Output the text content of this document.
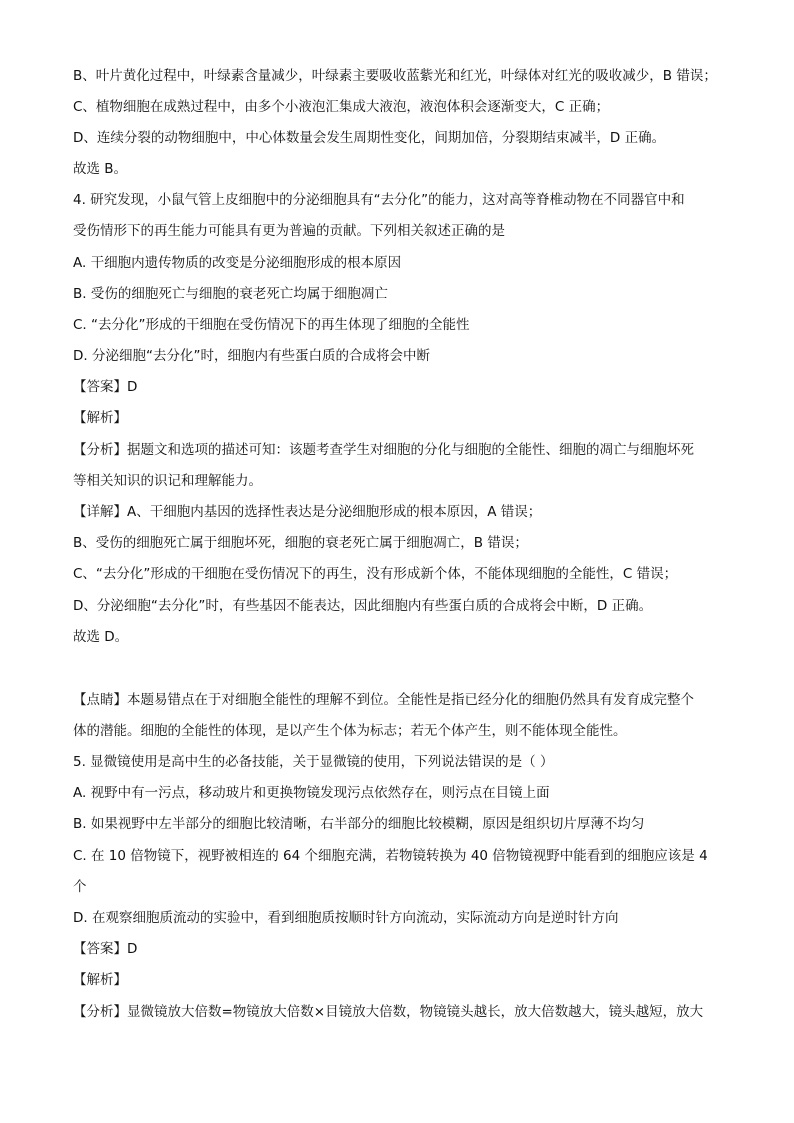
B、叶片黄化过程中，叶绿素含量减少，叶绿素主要吸收蓝紫光和红光，叶绿体对红光的吸收减少，B 错误；
C、植物细胞在成熟过程中，由多个小液泡汇集成大液泡，液泡体积会逐渐变大，C 正确；
D、连续分裂的动物细胞中，中心体数量会发生周期性变化，间期加倍，分裂期结束减半，D 正确。
故选 B。
4. 研究发现，小鼠气管上皮细胞中的分泌细胞具有“去分化”的能力，这对高等脊椎动物在不同器官中和
受伤情形下的再生能力可能具有更为普遍的贡献。下列相关叙述正确的是
A. 干细胞内遗传物质的改变是分泌细胞形成的根本原因
B. 受伤的细胞死亡与细胞的衰老死亡均属于细胞凋亡
C. “去分化”形成的干细胞在受伤情况下的再生体现了细胞的全能性
D. 分泌细胞“去分化”时，细胞内有些蛋白质的合成将会中断
【答案】D
【解析】
【分析】据题文和选项的描述可知：该题考查学生对细胞的分化与细胞的全能性、细胞的凋亡与细胞坏死
等相关知识的识记和理解能力。
【详解】A、干细胞内基因的选择性表达是分泌细胞形成的根本原因，A 错误；
B、受伤的细胞死亡属于细胞坏死，细胞的衰老死亡属于细胞凋亡，B 错误；
C、“去分化”形成的干细胞在受伤情况下的再生，没有形成新个体，不能体现细胞的全能性，C 错误；
D、分泌细胞“去分化”时，有些基因不能表达，因此细胞内有些蛋白质的合成将会中断，D 正确。
故选 D。
【点睛】本题易错点在于对细胞全能性的理解不到位。全能性是指已经分化的细胞仍然具有发育成完整个
体的潜能。细胞的全能性的体现，是以产生个体为标志；若无个体产生，则不能体现全能性。
5. 显微镜使用是高中生的必备技能，关于显微镜的使用，下列说法错误的是（ ）
A. 视野中有一污点，移动玻片和更换物镜发现污点依然存在，则污点在目镜上面
B. 如果视野中左半部分的细胞比较清晰，右半部分的细胞比较模糊，原因是组织切片厚薄不均匀
C. 在 10 倍物镜下，视野被相连的 64 个细胞充满，若物镜转换为 40 倍物镜视野中能看到的细胞应该是 4
个
D. 在观察细胞质流动的实验中，看到细胞质按顺时针方向流动，实际流动方向是逆时针方向
【答案】D
【解析】
【分析】显微镜放大倍数=物镜放大倍数×目镜放大倍数，物镜镜头越长，放大倍数越大，镜头越短，放大
